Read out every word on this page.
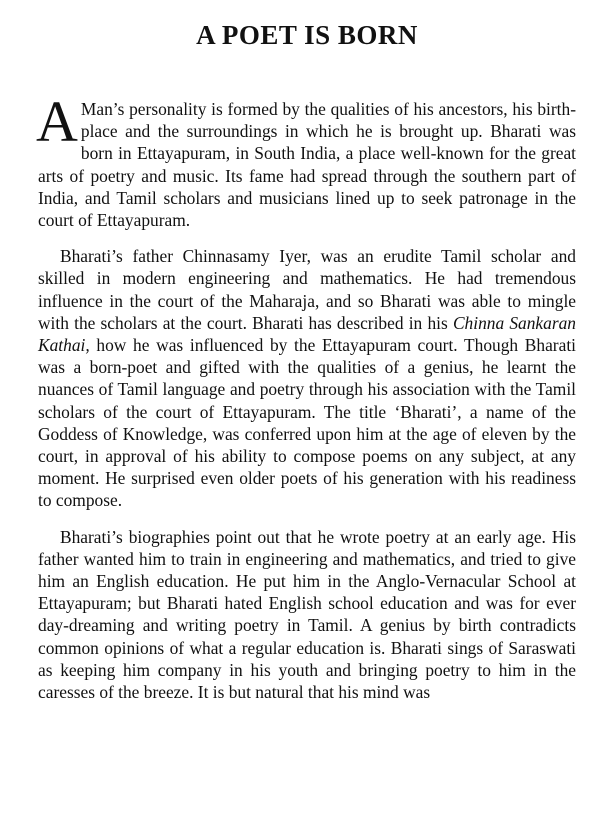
A POET IS BORN

A Man’s personality is formed by the qualities of his ancestors, his birth-place and the surroundings in which he is brought up. Bharati was born in Ettayapuram, in South India, a place well-known for the great arts of poetry and music. Its fame had spread through the southern part of India, and Tamil scholars and musicians lined up to seek patronage in the court of Ettayapuram.

Bharati’s father Chinnasamy Iyer, was an erudite Tamil scholar and skilled in modern engineering and mathematics. He had tremendous influence in the court of the Maharaja, and so Bharati was able to mingle with the scholars at the court. Bharati has described in his Chinna Sankaran Kathai, how he was influenced by the Ettayapuram court. Though Bharati was a born-poet and gifted with the qualities of a genius, he learnt the nuances of Tamil language and poetry through his association with the Tamil scholars of the court of Ettayapuram. The title ‘Bharati’, a name of the Goddess of Knowledge, was conferred upon him at the age of eleven by the court, in approval of his ability to compose poems on any subject, at any moment. He surprised even older poets of his generation with his readiness to compose.

Bharati’s biographies point out that he wrote poetry at an early age. His father wanted him to train in engineering and mathematics, and tried to give him an English education. He put him in the Anglo-Vernacular School at Ettayapuram; but Bharati hated English school education and was for ever day-dreaming and writing poetry in Tamil. A genius by birth contradicts common opinions of what a regular education is. Bharati sings of Saraswati as keeping him company in his youth and bringing poetry to him in the caresses of the breeze. It is but natural that his mind was
